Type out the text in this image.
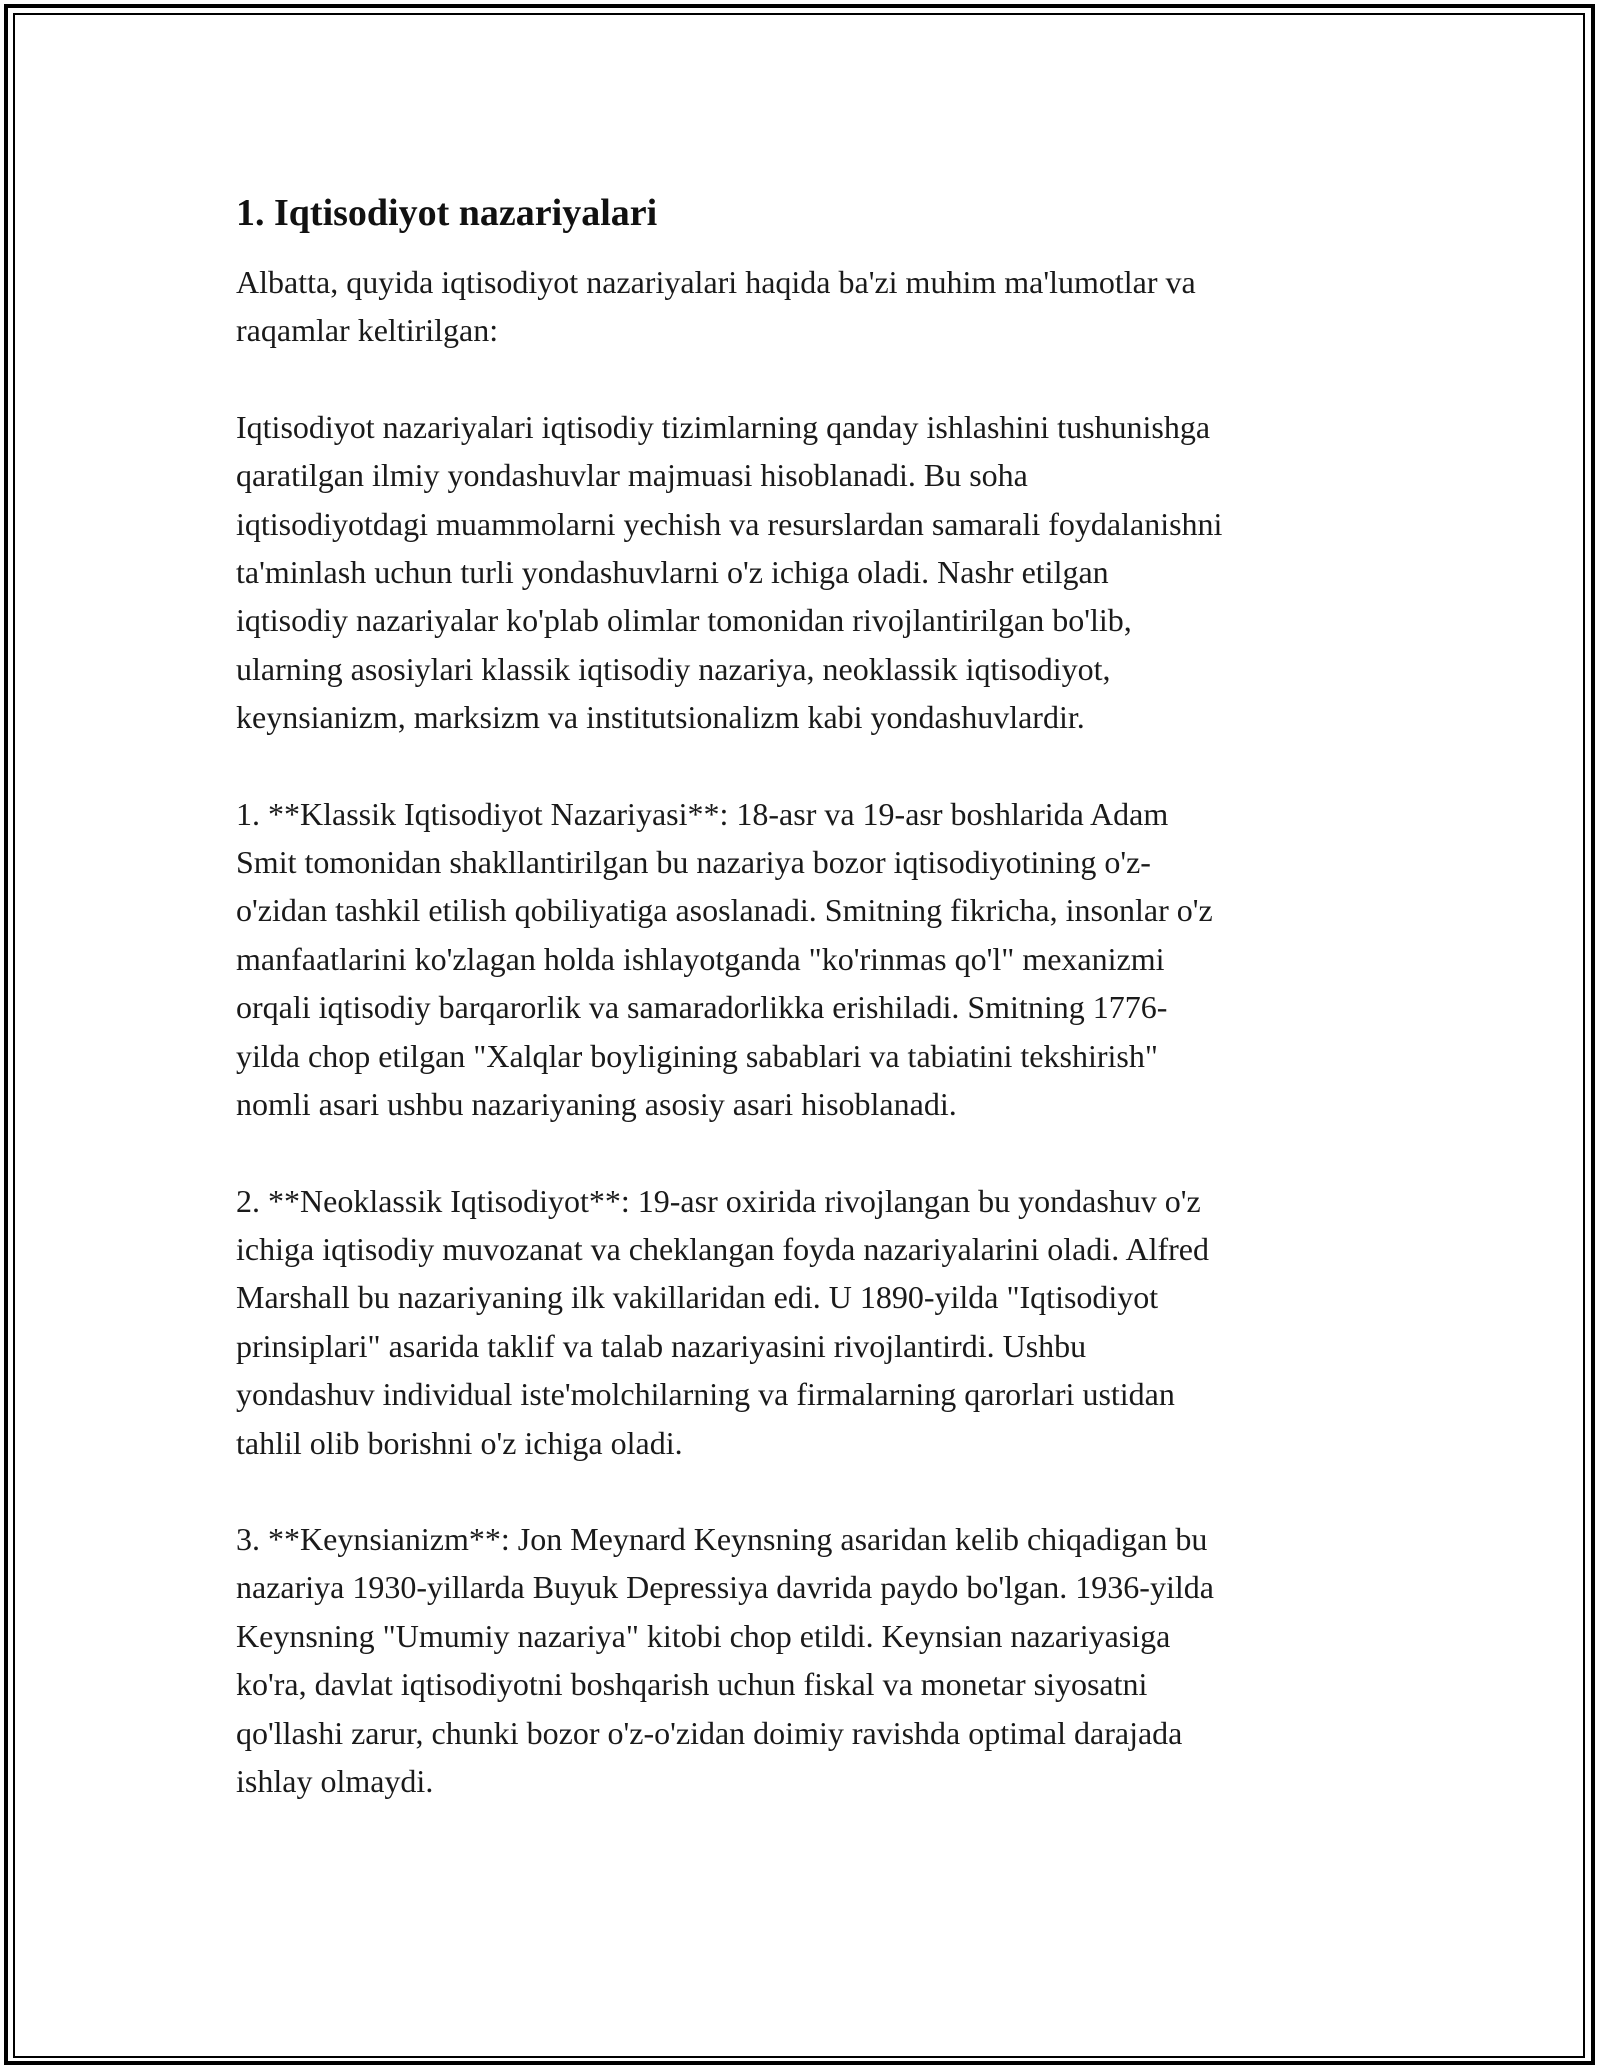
1. Iqtisodiyot nazariyalari

Albatta, quyida iqtisodiyot nazariyalari haqida ba'zi muhim ma'lumotlar va
raqamlar keltirilgan:

Iqtisodiyot nazariyalari iqtisodiy tizimlarning qanday ishlashini tushunishga
qaratilgan ilmiy yondashuvlar majmuasi hisoblanadi. Bu soha
iqtisodiyotdagi muammolarni yechish va resurslardan samarali foydalanishni
ta'minlash uchun turli yondashuvlarni o'z ichiga oladi. Nashr etilgan
iqtisodiy nazariyalar ko'plab olimlar tomonidan rivojlantirilgan bo'lib,
ularning asosiylari klassik iqtisodiy nazariya, neoklassik iqtisodiyot,
keynsianizm, marksizm va institutsionalizm kabi yondashuvlardir.

1. **Klassik Iqtisodiyot Nazariyasi**: 18-asr va 19-asr boshlarida Adam
Smit tomonidan shakllantirilgan bu nazariya bozor iqtisodiyotining o'z-
o'zidan tashkil etilish qobiliyatiga asoslanadi. Smitning fikricha, insonlar o'z
manfaatlarini ko'zlagan holda ishlayotganda "ko'rinmas qo'l" mexanizmi
orqali iqtisodiy barqarorlik va samaradorlikka erishiladi. Smitning 1776-
yilda chop etilgan "Xalqlar boyligining sabablari va tabiatini tekshirish"
nomli asari ushbu nazariyaning asosiy asari hisoblanadi.

2. **Neoklassik Iqtisodiyot**: 19-asr oxirida rivojlangan bu yondashuv o'z
ichiga iqtisodiy muvozanat va cheklangan foyda nazariyalarini oladi. Alfred
Marshall bu nazariyaning ilk vakillaridan edi. U 1890-yilda "Iqtisodiyot
prinsiplari" asarida taklif va talab nazariyasini rivojlantirdi. Ushbu
yondashuv individual iste'molchilarning va firmalarning qarorlari ustidan
tahlil olib borishni o'z ichiga oladi.

3. **Keynsianizm**: Jon Meynard Keynsning asaridan kelib chiqadigan bu
nazariya 1930-yillarda Buyuk Depressiya davrida paydo bo'lgan. 1936-yilda
Keynsning "Umumiy nazariya" kitobi chop etildi. Keynsian nazariyasiga
ko'ra, davlat iqtisodiyotni boshqarish uchun fiskal va monetar siyosatni
qo'llashi zarur, chunki bozor o'z-o'zidan doimiy ravishda optimal darajada
ishlay olmaydi.
